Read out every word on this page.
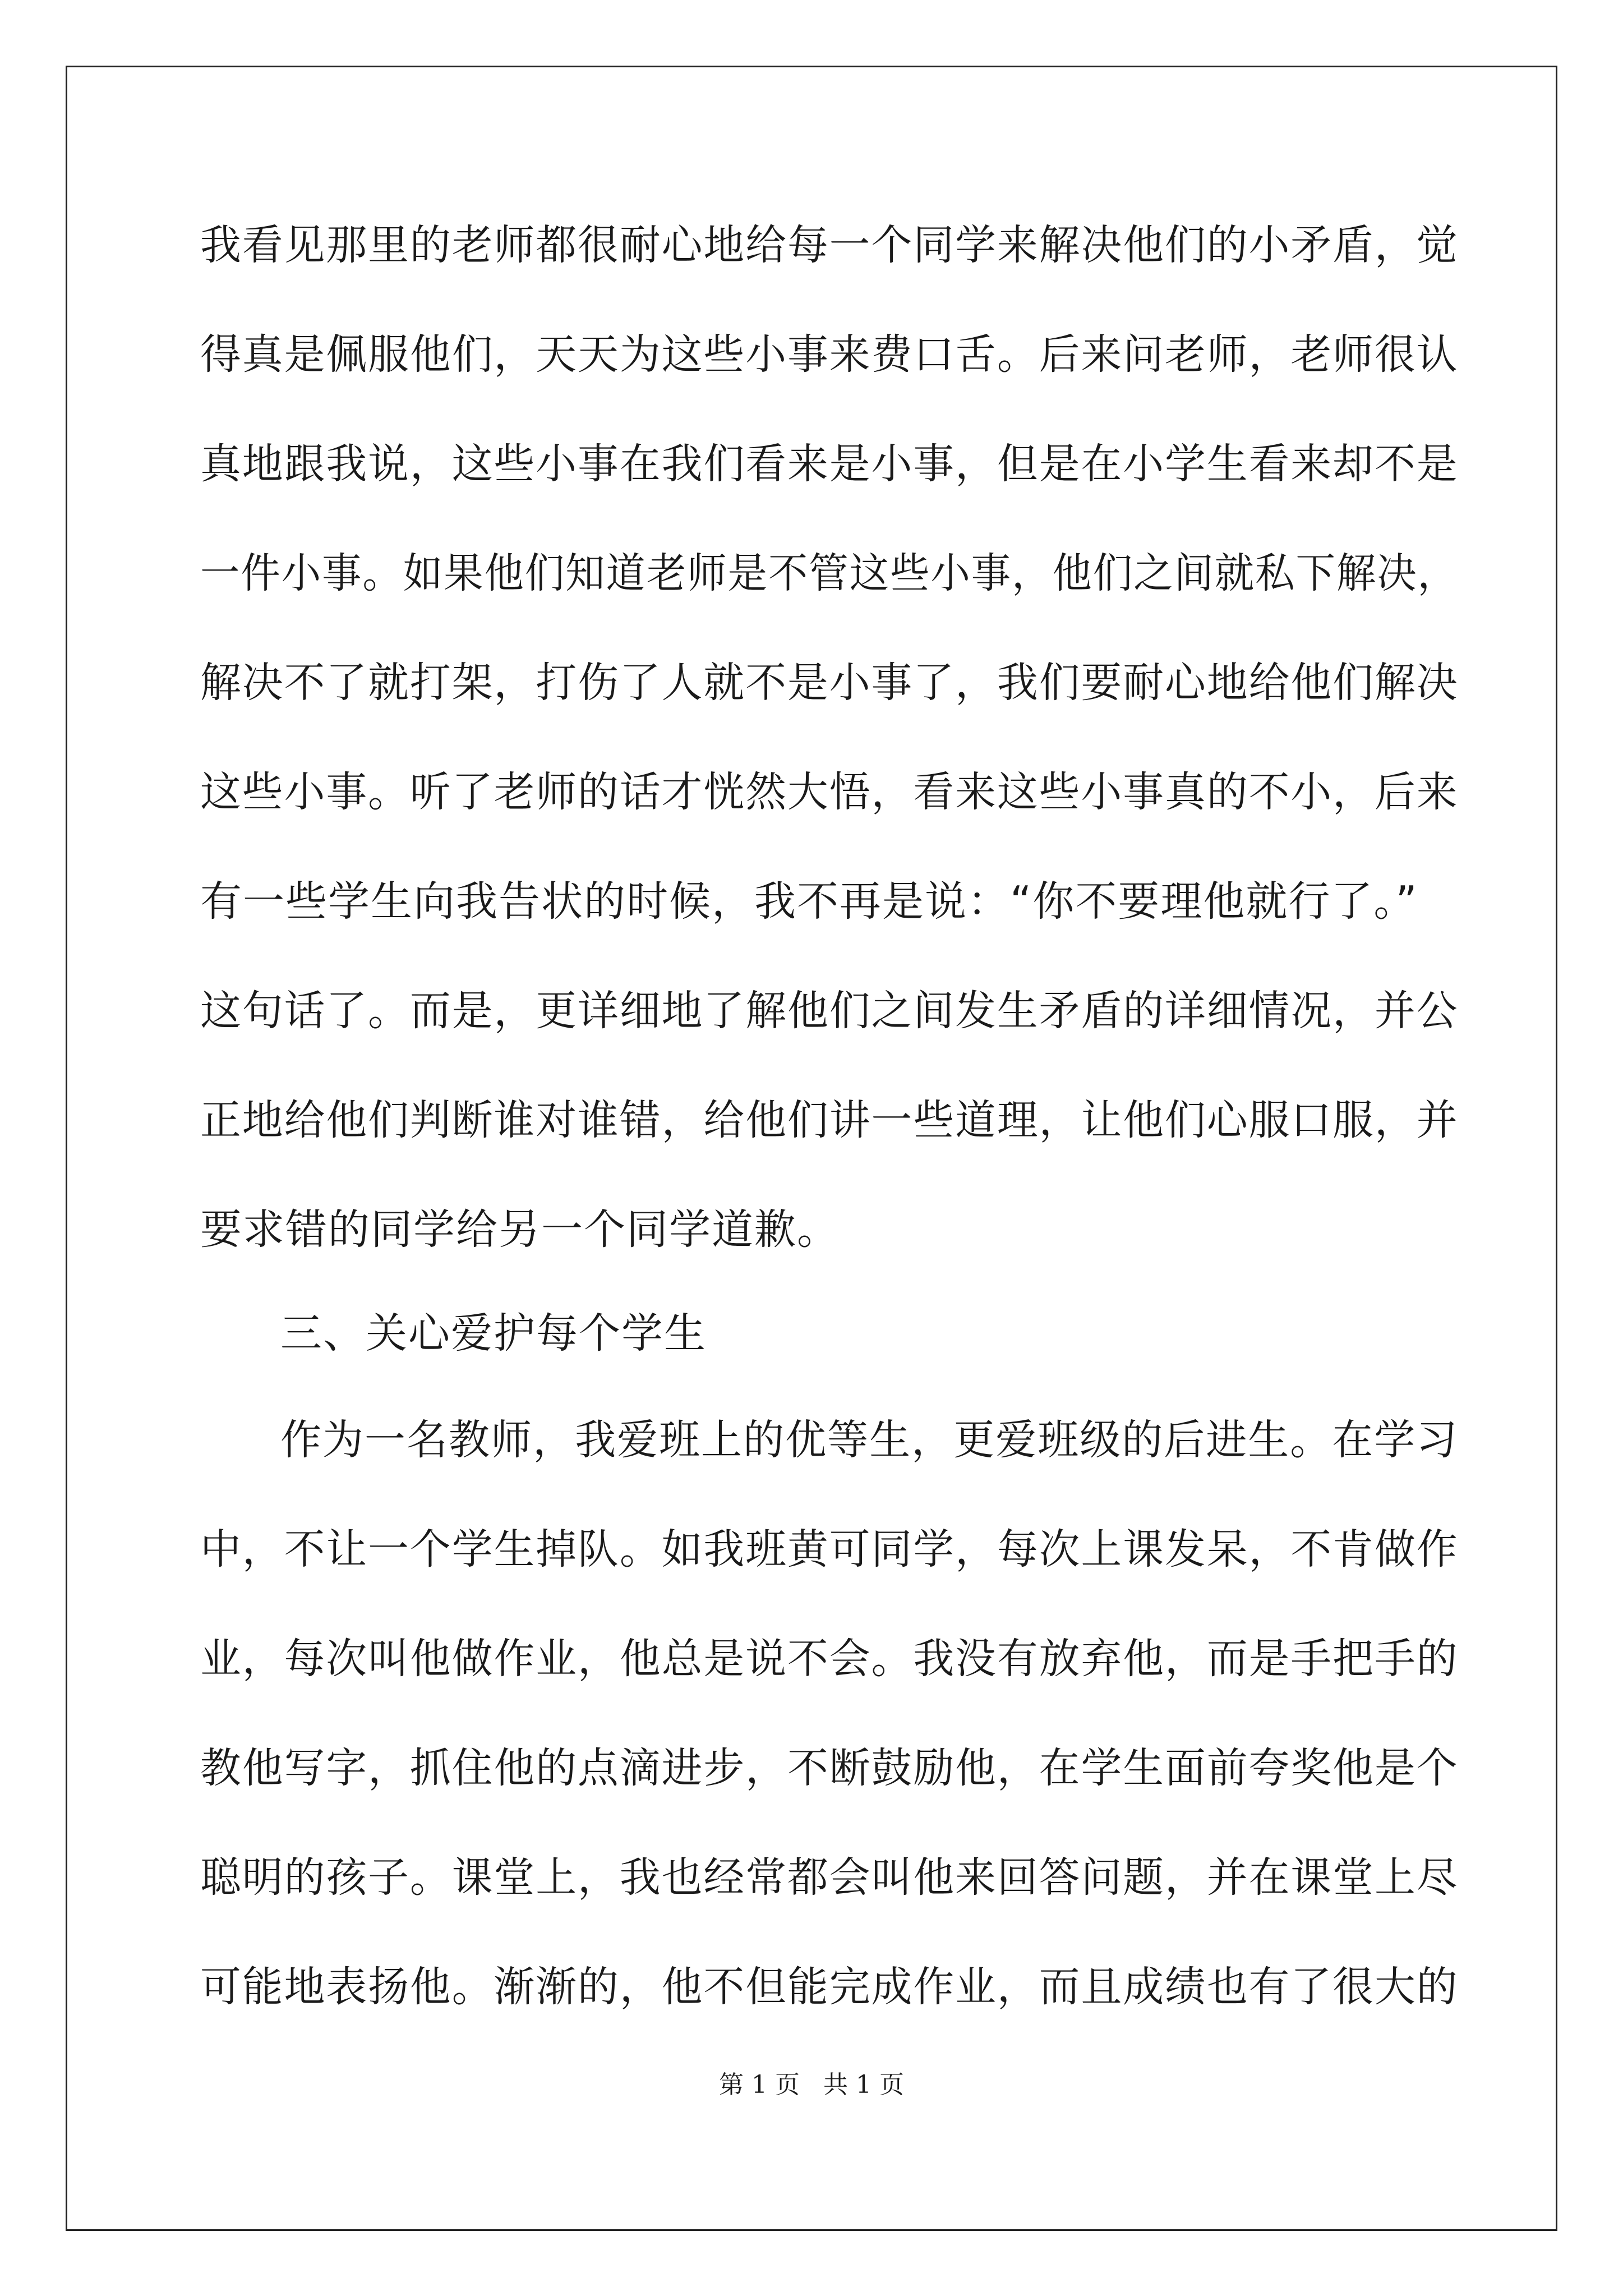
我看见那里的老师都很耐心地给每一个同学来解决他们的小矛盾，觉
得真是佩服他们，天天为这些小事来费口舌。后来问老师，老师很认
真地跟我说，这些小事在我们看来是小事，但是在小学生看来却不是
一件小事。如果他们知道老师是不管这些小事，他们之间就私下解决，
解决不了就打架，打伤了人就不是小事了，我们要耐心地给他们解决
这些小事。听了老师的话才恍然大悟，看来这些小事真的不小，后来
有一些学生向我告状的时候，我不再是说：“你不要理他就行了。”
这句话了。而是，更详细地了解他们之间发生矛盾的详细情况，并公
正地给他们判断谁对谁错，给他们讲一些道理，让他们心服口服，并
要求错的同学给另一个同学道歉。
三、关心爱护每个学生
作为一名教师，我爱班上的优等生，更爱班级的后进生。在学习
中，不让一个学生掉队。如我班黄可同学，每次上课发呆，不肯做作
业，每次叫他做作业，他总是说不会。我没有放弃他，而是手把手的
教他写字，抓住他的点滴进步，不断鼓励他，在学生面前夸奖他是个
聪明的孩子。课堂上，我也经常都会叫他来回答问题，并在课堂上尽
可能地表扬他。渐渐的，他不但能完成作业，而且成绩也有了很大的
第 1 页   共 1 页
